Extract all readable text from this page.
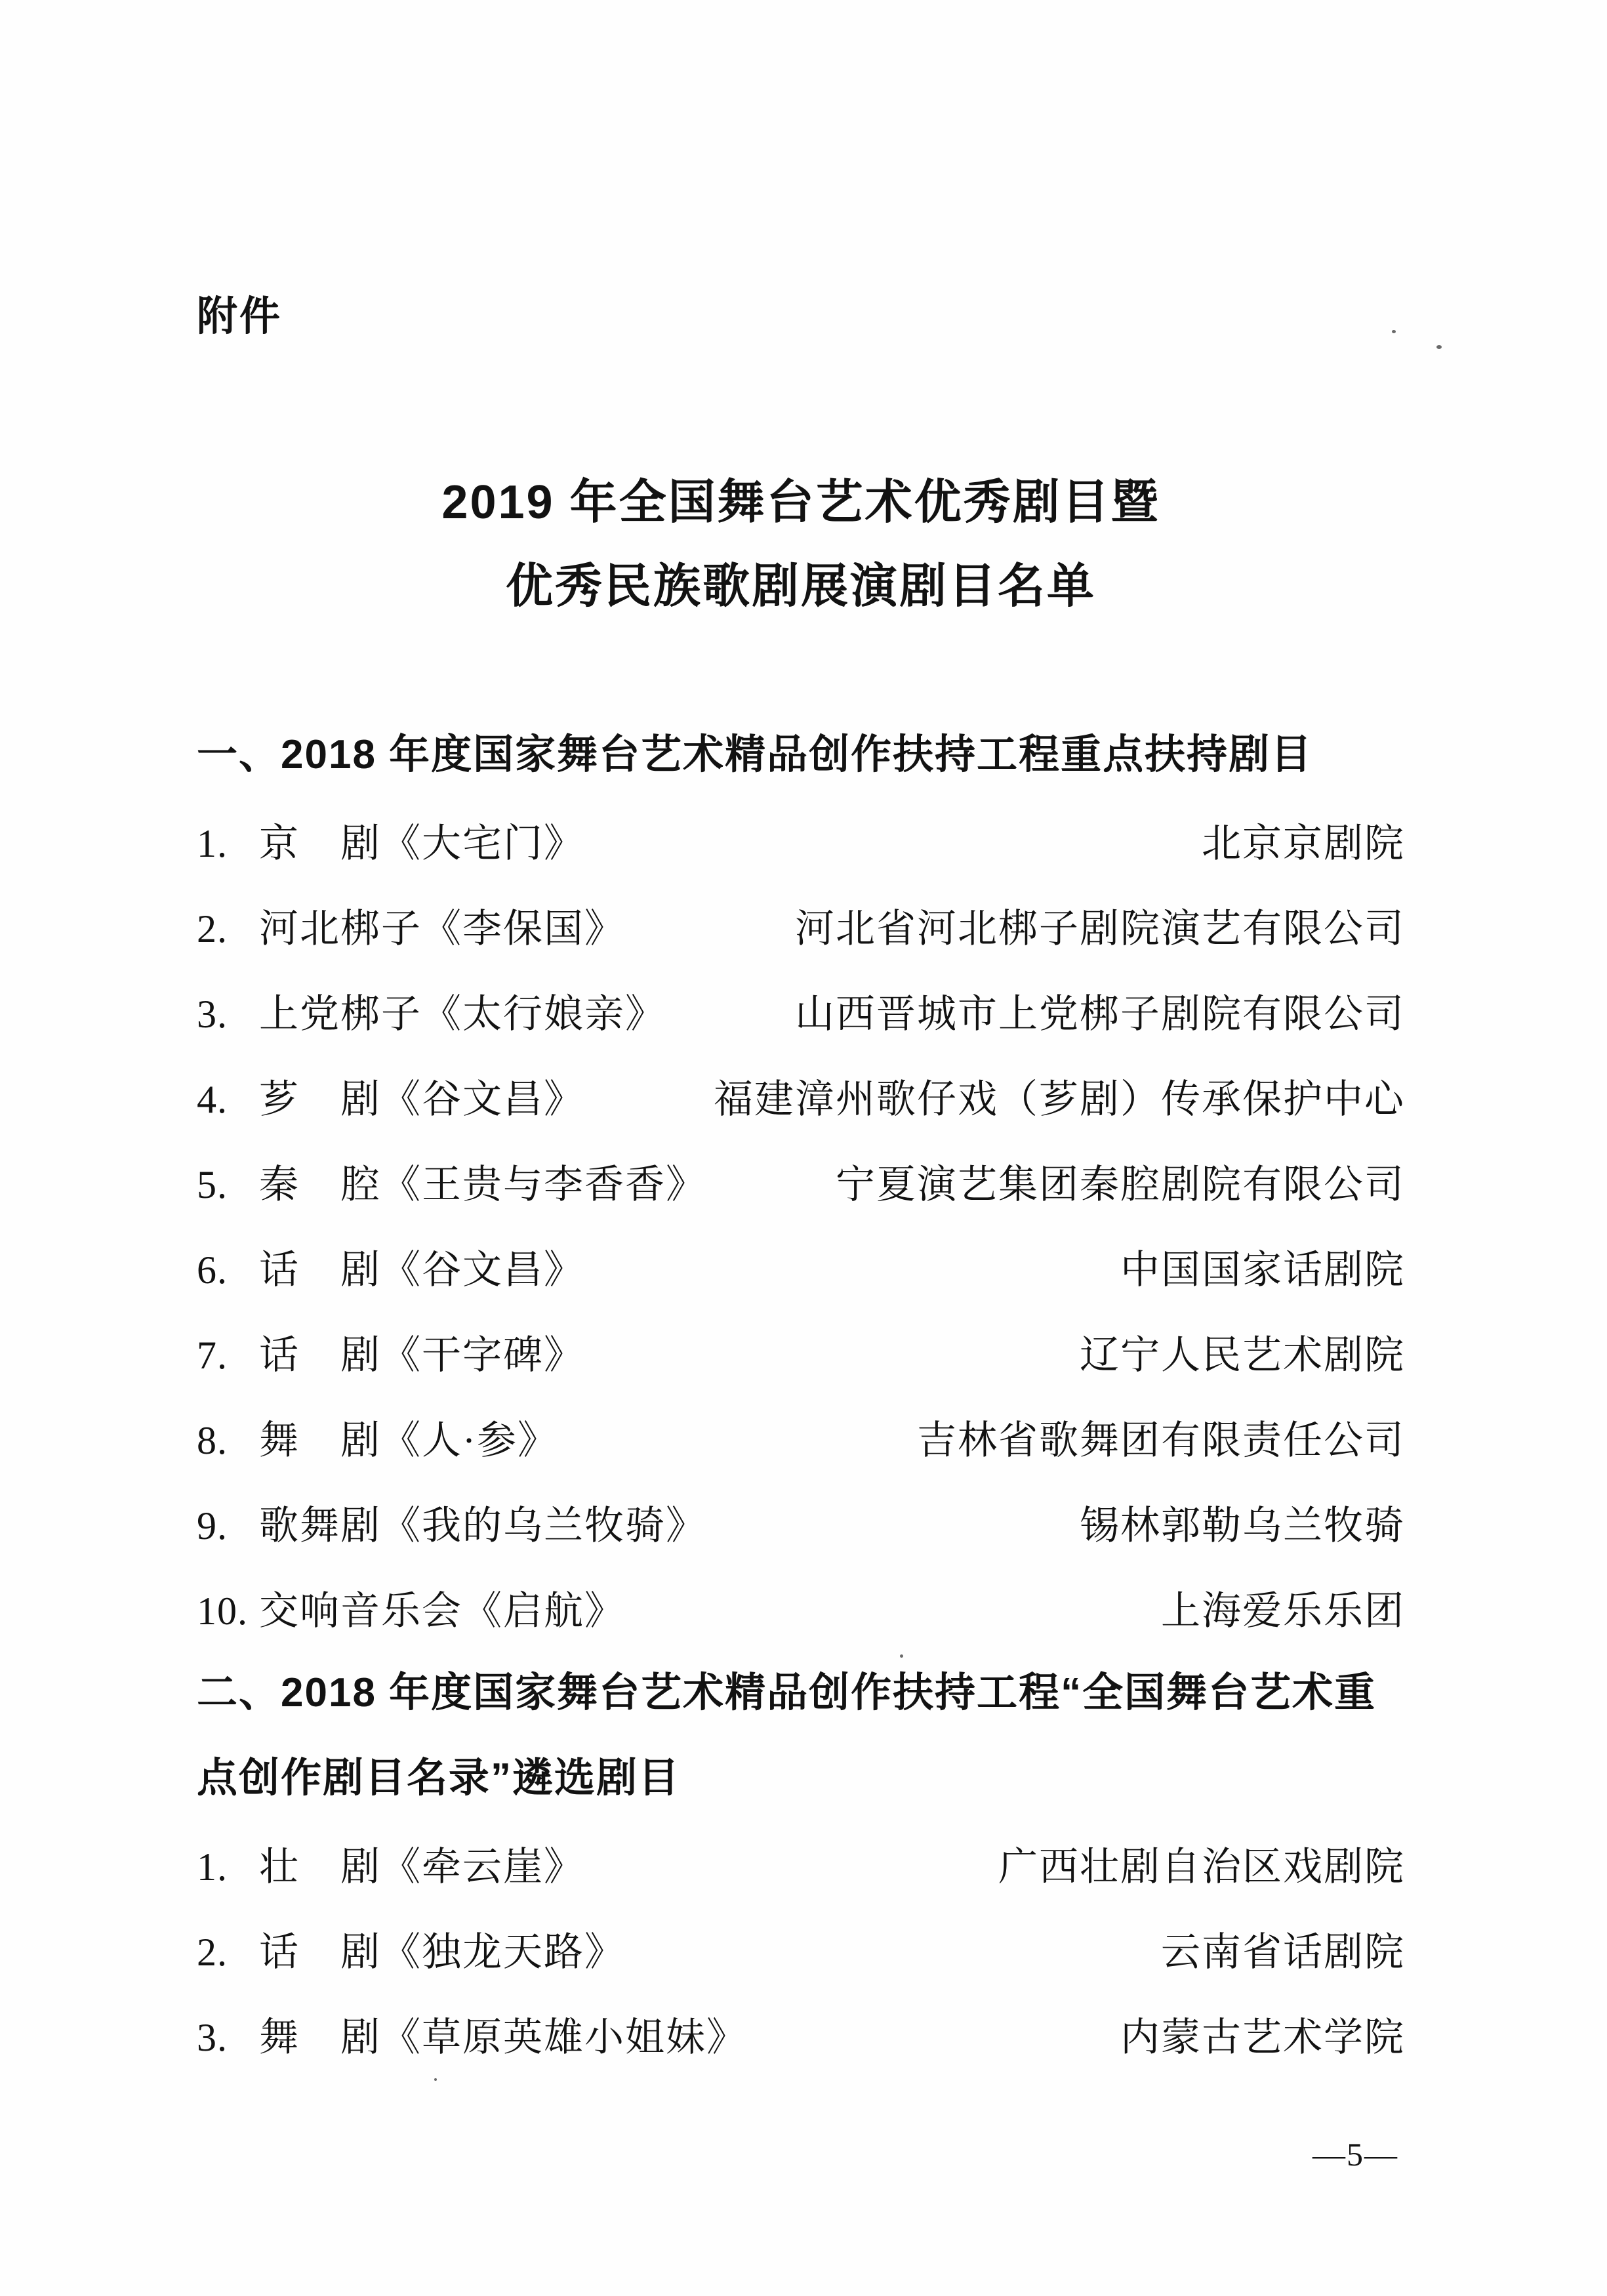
附件
2019 年全国舞台艺术优秀剧目暨
优秀民族歌剧展演剧目名单
一、2018 年度国家舞台艺术精品创作扶持工程重点扶持剧目
1. 京　剧《大宅门》	北京京剧院
2. 河北梆子《李保国》	河北省河北梆子剧院演艺有限公司
3. 上党梆子《太行娘亲》	山西晋城市上党梆子剧院有限公司
4. 芗　剧《谷文昌》	福建漳州歌仔戏（芗剧）传承保护中心
5. 秦　腔《王贵与李香香》	宁夏演艺集团秦腔剧院有限公司
6. 话　剧《谷文昌》	中国国家话剧院
7. 话　剧《干字碑》	辽宁人民艺术剧院
8. 舞　剧《人·参》	吉林省歌舞团有限责任公司
9. 歌舞剧《我的乌兰牧骑》	锡林郭勒乌兰牧骑
10. 交响音乐会《启航》	上海爱乐乐团
二、2018 年度国家舞台艺术精品创作扶持工程“全国舞台艺术重
点创作剧目名录”遴选剧目
1. 壮　剧《牵云崖》	广西壮剧自治区戏剧院
2. 话　剧《独龙天路》	云南省话剧院
3. 舞　剧《草原英雄小姐妹》	内蒙古艺术学院
—5—
